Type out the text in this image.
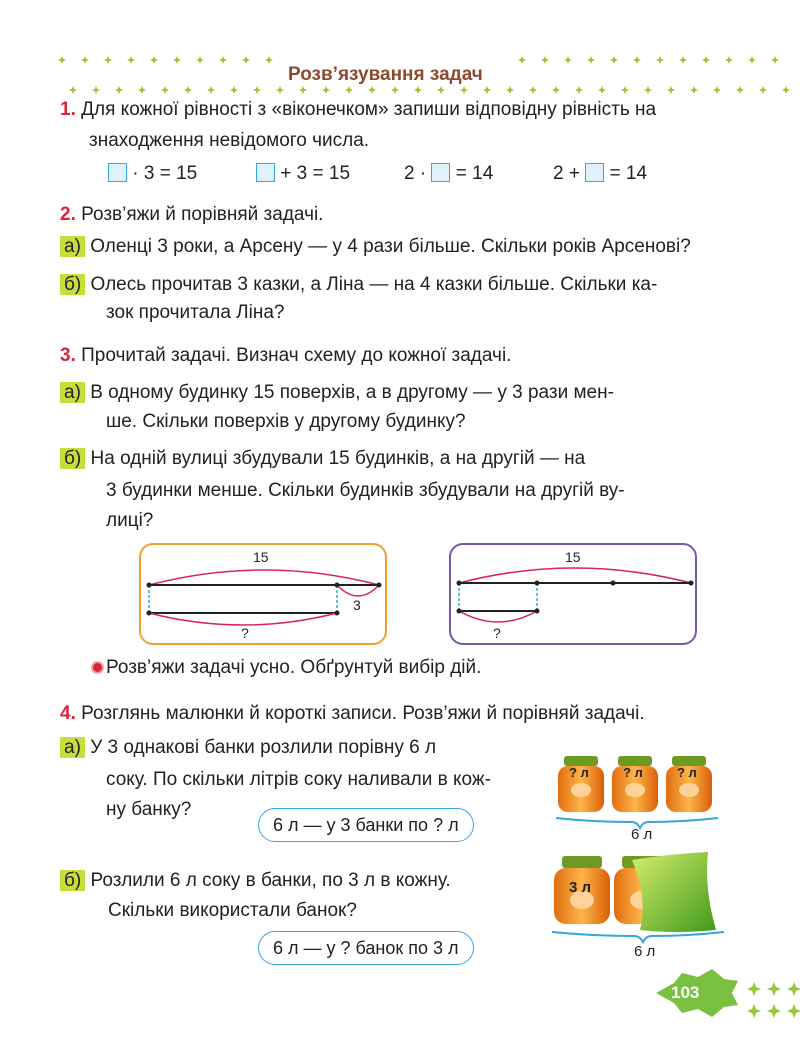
Розв’язування задач
1. Для кожної рівності з «віконечком» запиши відповідну рівність на
знаходження невідомого числа.
· 3 = 15	+ 3 = 15	2 · = 14	2 + = 14
2. Розв’яжи й порівняй задачі.
а) Оленці 3 роки, а Арсену — у 4 рази більше. Скільки років Арсенові?
б) Олесь прочитав 3 казки, а Ліна — на 4 казки більше. Скільки ка-
зок прочитала Ліна?
3. Прочитай задачі. Визнач схему до кожної задачі.
а) В одному будинку 15 поверхів, а в другому — у 3 рази мен-
ше. Скільки поверхів у другому будинку?
б) На одній вулиці збудували 15 будинків, а на другій — на
3 будинки менше. Скільки будинків збудували на другій ву-
лиці?
15
3
?
15
?
Розв’яжи задачі усно. Обґрунтуй вибір дій.
4. Розглянь малюнки й короткі записи. Розв’яжи й порівняй задачі.
а) У 3 однакові банки розлили порівну 6 л
соку. По скільки літрів соку наливали в кож-
ну банку?
6 л — у 3 банки по ? л
? л	? л	? л
6 л
б) Розлили 6 л соку в банки, по 3 л в кожну.
Скільки використали банок?
6 л — у ? банок по 3 л
3 л
6 л
103
